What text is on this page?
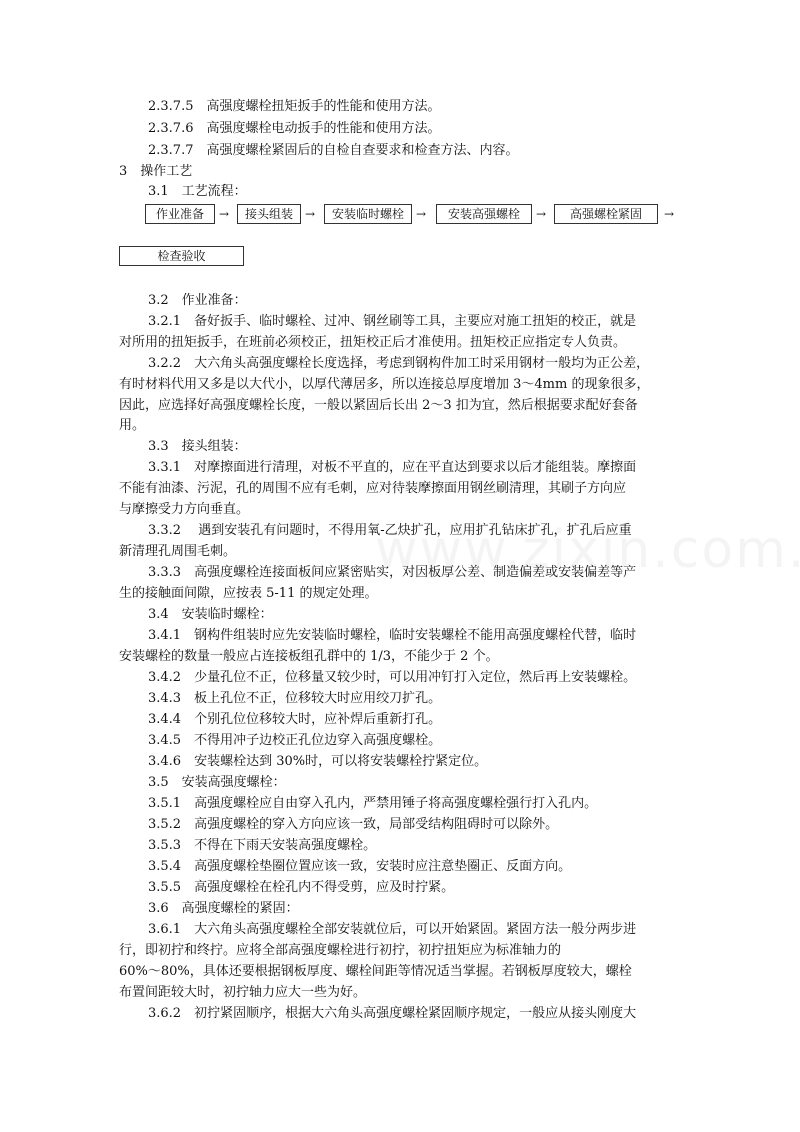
2.3.7.5　高强度螺栓扭矩扳手的性能和使用方法。
2.3.7.6　高强度螺栓电动扳手的性能和使用方法。
2.3.7.7　高强度螺栓紧固后的自检自查要求和检查方法、内容。
3　操作工艺
3.1　工艺流程：
作业准备	→	接头组装	→	安装临时螺栓	→	安装高强螺栓	→	高强螺栓紧固	→
检查验收
3.2　作业准备：
3.2.1　备好扳手、临时螺栓、过冲、钢丝刷等工具，主要应对施工扭矩的校正，就是
对所用的扭矩扳手，在班前必须校正，扭矩校正后才准使用。扭矩校正应指定专人负责。
3.2.2　大六角头高强度螺栓长度选择，考虑到钢构件加工时采用钢材一般均为正公差，
有时材料代用又多是以大代小，以厚代薄居多，所以连接总厚度增加 3～4mm 的现象很多，
因此，应选择好高强度螺栓长度，一般以紧固后长出 2～3 扣为宜，然后根据要求配好套备
用。
3.3　接头组装：
3.3.1　对摩擦面进行清理，对板不平直的，应在平直达到要求以后才能组装。摩擦面
不能有油漆、污泥，孔的周围不应有毛刺，应对待装摩擦面用钢丝刷清理，其刷子方向应
与摩擦受力方向垂直。
3.3.2　 遇到安装孔有问题时，不得用氧-乙炔扩孔，应用扩孔钻床扩孔，扩孔后应重
新清理孔周围毛刺。
3.3.3　高强度螺栓连接面板间应紧密贴实，对因板厚公差、制造偏差或安装偏差等产
生的接触面间隙，应按表 5-11 的规定处理。
3.4　安装临时螺栓：
3.4.1　钢构件组装时应先安装临时螺栓，临时安装螺栓不能用高强度螺栓代替，临时
安装螺栓的数量一般应占连接板组孔群中的 1/3，不能少于 2 个。
3.4.2　少量孔位不正，位移量又较少时，可以用冲钉打入定位，然后再上安装螺栓。
3.4.3　板上孔位不正，位移较大时应用绞刀扩孔。
3.4.4　个别孔位位移较大时，应补焊后重新打孔。
3.4.5　不得用冲子边校正孔位边穿入高强度螺栓。
3.4.6　安装螺栓达到 30%时，可以将安装螺栓拧紧定位。
3.5　安装高强度螺栓：
3.5.1　高强度螺栓应自由穿入孔内，严禁用锤子将高强度螺栓强行打入孔内。
3.5.2　高强度螺栓的穿入方向应该一致，局部受结构阻碍时可以除外。
3.5.3　不得在下雨天安装高强度螺栓。
3.5.4　高强度螺栓垫圈位置应该一致，安装时应注意垫圈正、反面方向。
3.5.5　高强度螺栓在栓孔内不得受剪，应及时拧紧。
3.6　高强度螺栓的紧固：
3.6.1　大六角头高强度螺栓全部安装就位后，可以开始紧固。紧固方法一般分两步进
行，即初拧和终拧。应将全部高强度螺栓进行初拧，初拧扭矩应为标准轴力的
60%～80%，具体还要根据钢板厚度、螺栓间距等情况适当掌握。若钢板厚度较大，螺栓
布置间距较大时，初拧轴力应大一些为好。
3.6.2　初拧紧固顺序，根据大六角头高强度螺栓紧固顺序规定，一般应从接头刚度大
